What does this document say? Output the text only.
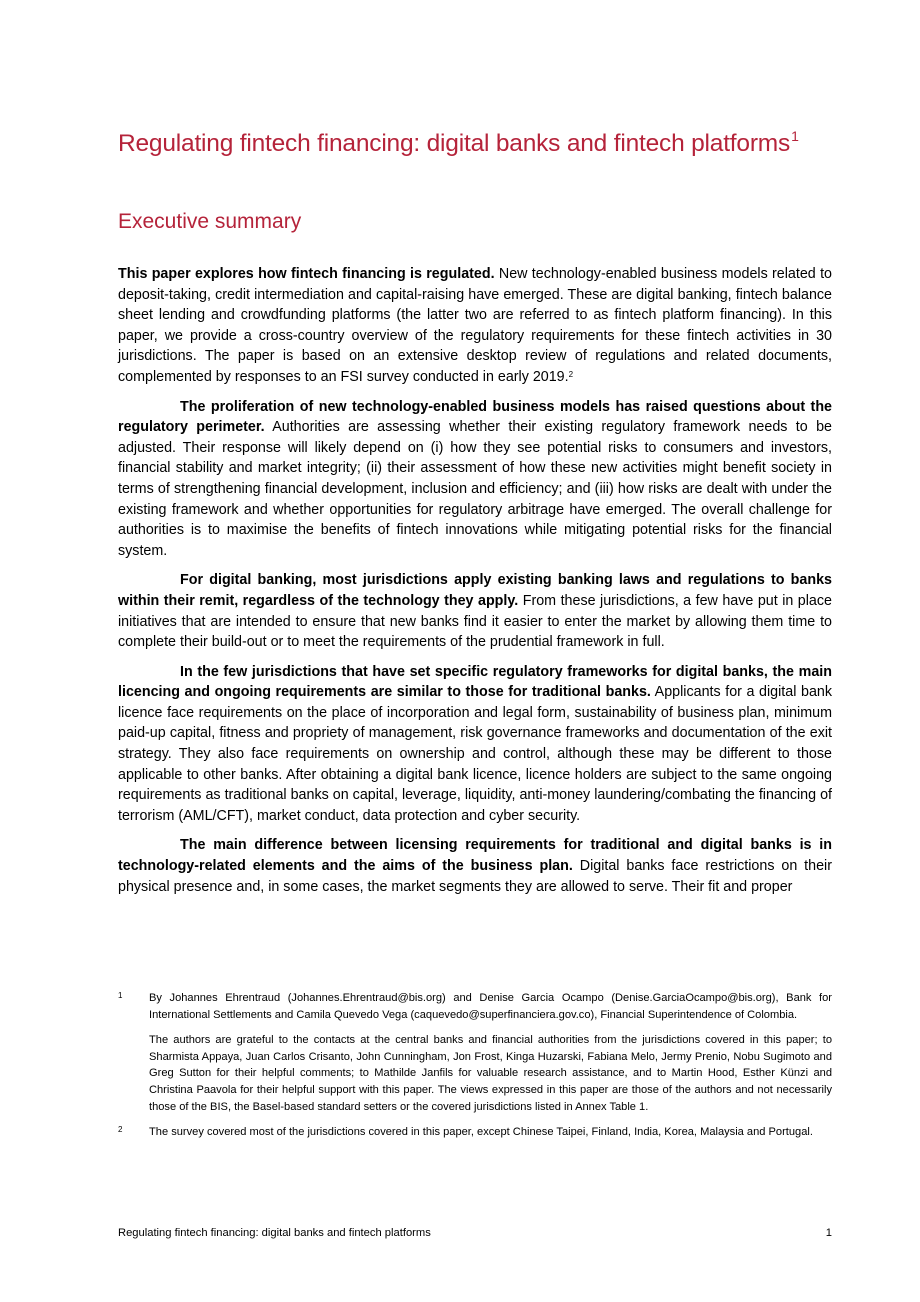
Regulating fintech financing: digital banks and fintech platforms$^1$
Executive summary

This paper explores how fintech financing is regulated. New technology-enabled business models related to deposit-taking, credit intermediation and capital-raising have emerged. These are digital banking, fintech balance sheet lending and crowdfunding platforms (the latter two are referred to as fintech platform financing). In this paper, we provide a cross-country overview of the regulatory requirements for these fintech activities in 30 jurisdictions. The paper is based on an extensive desktop review of regulations and related documents, complemented by responses to an FSI survey conducted in early 2019.$^2$

The proliferation of new technology-enabled business models has raised questions about the regulatory perimeter. Authorities are assessing whether their existing regulatory framework needs to be adjusted. Their response will likely depend on (i) how they see potential risks to consumers and investors, financial stability and market integrity; (ii) their assessment of how these new activities might benefit society in terms of strengthening financial development, inclusion and efficiency; and (iii) how risks are dealt with under the existing framework and whether opportunities for regulatory arbitrage have emerged. The overall challenge for authorities is to maximise the benefits of fintech innovations while mitigating potential risks for the financial system.

For digital banking, most jurisdictions apply existing banking laws and regulations to banks within their remit, regardless of the technology they apply. From these jurisdictions, a few have put in place initiatives that are intended to ensure that new banks find it easier to enter the market by allowing them time to complete their build-out or to meet the requirements of the prudential framework in full.

In the few jurisdictions that have set specific regulatory frameworks for digital banks, the main licencing and ongoing requirements are similar to those for traditional banks. Applicants for a digital bank licence face requirements on the place of incorporation and legal form, sustainability of business plan, minimum paid-up capital, fitness and propriety of management, risk governance frameworks and documentation of the exit strategy. They also face requirements on ownership and control, although these may be different to those applicable to other banks. After obtaining a digital bank licence, licence holders are subject to the same ongoing requirements as traditional banks on capital, leverage, liquidity, anti-money laundering/combating the financing of terrorism (AML/CFT), market conduct, data protection and cyber security.

The main difference between licensing requirements for traditional and digital banks is in technology-related elements and the aims of the business plan. Digital banks face restrictions on their physical presence and, in some cases, the market segments they are allowed to serve. Their fit and proper

1 By Johannes Ehrentraud (Johannes.Ehrentraud@bis.org) and Denise Garcia Ocampo (Denise.GarciaOcampo@bis.org), Bank for International Settlements and Camila Quevedo Vega (caquevedo@superfinanciera.gov.co), Financial Superintendence of Colombia.

The authors are grateful to the contacts at the central banks and financial authorities from the jurisdictions covered in this paper; to Sharmista Appaya, Juan Carlos Crisanto, John Cunningham, Jon Frost, Kinga Huzarski, Fabiana Melo, Jermy Prenio, Nobu Sugimoto and Greg Sutton for their helpful comments; to Mathilde Janfils for valuable research assistance, and to Martin Hood, Esther Künzi and Christina Paavola for their helpful support with this paper. The views expressed in this paper are those of the authors and not necessarily those of the BIS, the Basel-based standard setters or the covered jurisdictions listed in Annex Table 1.

2 The survey covered most of the jurisdictions covered in this paper, except Chinese Taipei, Finland, India, Korea, Malaysia and Portugal.

Regulating fintech financing: digital banks and fintech platforms	1
